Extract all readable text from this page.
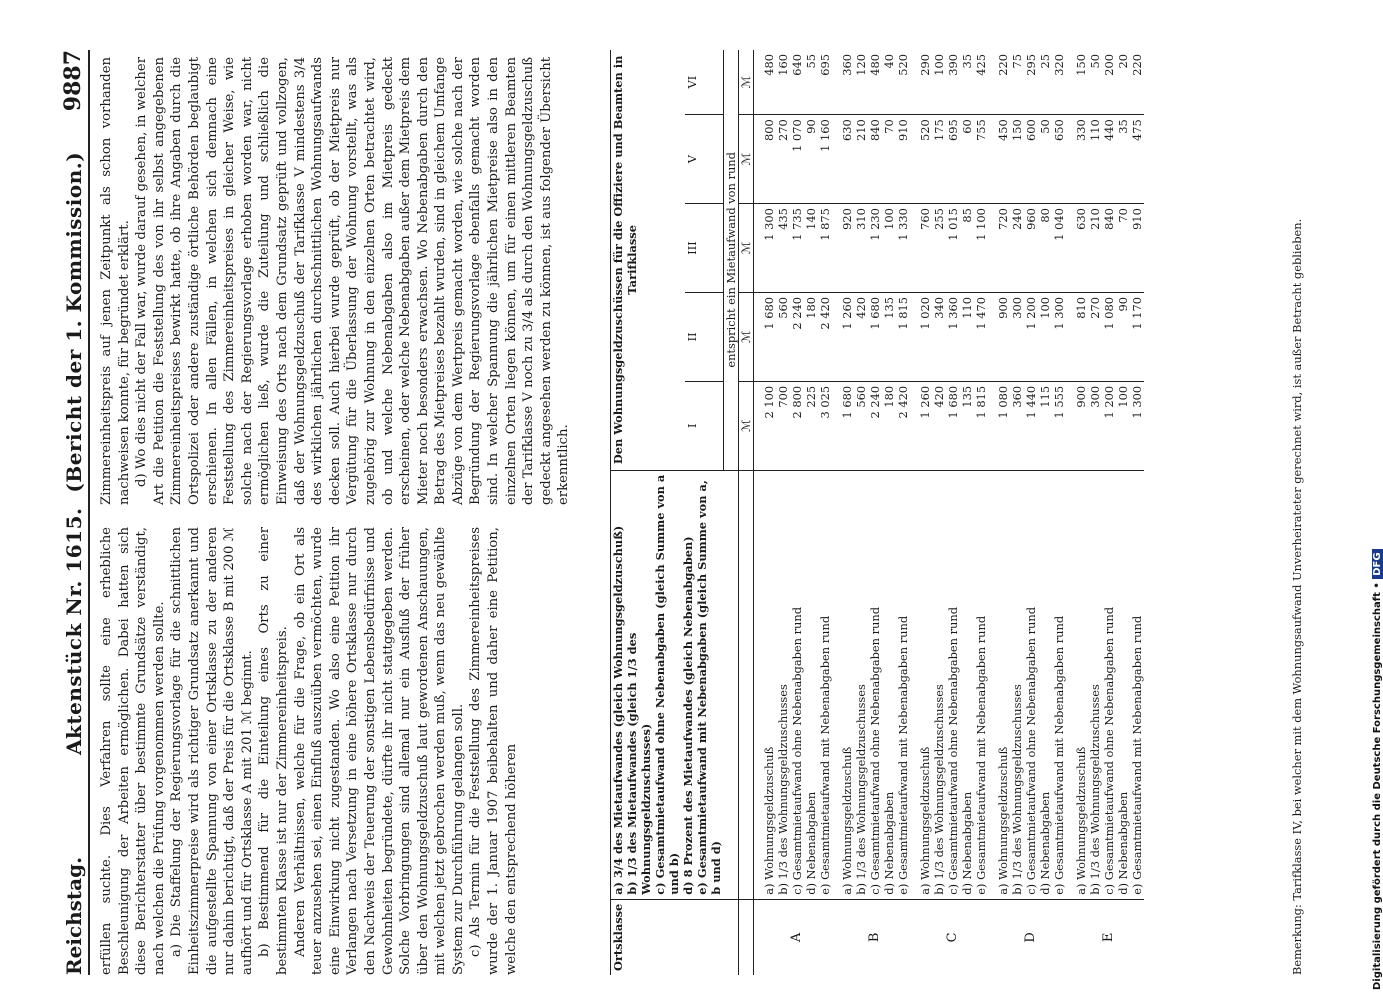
Reichstag.
Aktenstück Nr. 1615.  (Bericht der 1. Kommission.)
9887

erfüllen suchte. Dies Verfahren sollte eine erhebliche Beschleunigung der Arbeiten ermöglichen. Dabei hatten sich diese Berichterstatter über bestimmte Grundsätze verständigt, nach welchen die Prüfung vorgenommen werden sollte. a) Die Staffelung der Regierungsvorlage für die schnittlichen Einheitszimmerpreise wird als richtiger Grundsatz anerkannt und die aufgestellte Spannung von einer Ortsklasse zu der anderen nur dahin berichtigt, daß der Preis für die Ortsklasse B mit 200 ℳ aufhört und für Ortsklasse A mit 201 ℳ beginnt. b) Bestimmend für die Einteilung eines Orts zu einer bestimmten Klasse ist nur der Zimmereinheitspreis. Anderen Verhältnissen, welche für die Frage, ob ein Ort als teuer anzusehen sei, einen Einfluß auszuüben vermöchten, wurde eine Einwirkung nicht zugestanden. Wo also eine Petition ihr Verlangen nach Versetzung in eine höhere Ortsklasse nur durch den Nachweis der Teuerung der sonstigen Lebensbedürfnisse und Gewohnheiten begründete, dürfte ihr nicht stattgegeben werden. Solche Vorbringungen sind allemal nur ein Ausfluß der früher über den Wohnungsgeldzuschuß laut gewordenen Anschauungen, mit welchen jetzt gebrochen werden muß, wenn das neu gewählte System zur Durchführung gelangen soll. c) Als Termin für die Feststellung des Zimmereinheitspreises wurde der 1. Januar 1907 beibehalten und daher eine Petition, welche den entsprechend höheren

Zimmereinheitspreis auf jenen Zeitpunkt als schon vorhanden nachweisen konnte, für begründet erklärt. d) Wo dies nicht der Fall war, wurde darauf gesehen, in welcher Art die Petition die Feststellung des von ihr selbst angegebenen Zimmereinheitspreises bewirkt hatte, ob ihre Angaben durch die Ortspolizei oder andere zuständige örtliche Behörden beglaubigt erschienen. In allen Fällen, in welchen sich demnach eine Feststellung des Zimmereinheitspreises in gleicher Weise, wie solche nach der Regierungsvorlage erhoben worden war, nicht ermöglichen ließ, wurde die Zuteilung und schließlich die Einweisung des Orts nach dem Grundsatz geprüft und vollzogen, daß der Wohnungsgeldzuschuß der Tarifklasse V mindestens 3/4 des wirklichen jährlichen durchschnittlichen Wohnungsaufwands decken soll. Auch hierbei wurde geprüft, ob der Mietpreis nur Vergütung für die Überlassung der Wohnung vorstellt, was als zugehörig zur Wohnung in den einzelnen Orten betrachtet wird, ob und welche Nebenabgaben also im Mietpreis gedeckt erscheinen, oder welche Nebenabgaben außer dem Mietpreis dem Mieter noch besonders erwachsen. Wo Nebenabgaben durch den Betrag des Mietpreises bezahlt wurden, sind in gleichem Umfange Abzüge von dem Wertpreis gemacht worden, wie solche nach der Begründung der Regierungsvorlage ebenfalls gemacht worden sind. In welcher Spannung die jährlichen Mietpreise also in den einzelnen Orten liegen können, um für einen mittleren Beamten der Tarifklasse V noch zu 3/4 als durch den Wohnungsgeldzuschuß gedeckt angesehen werden zu können, ist aus folgender Übersicht erkenntlich.

Ortsklasse	a) 3/4 des Mietaufwandes (gleich Wohnungsgeldzuschuß) b) 1/3 des Mietaufwandes (gleich 1/3 des Wohnungsgeldzuschusses) c) Gesamtmietaufwand ohne Nebenabgaben (gleich Summe von a und b) d) 8 Prozent des Mietaufwandes (gleich Nebenabgaben) e) Gesamtmietaufwand mit Nebenabgaben (gleich Summe von a, b und d)	Den Wohnungsgeldzuschüssen für die Offiziere und Beamten in Tarifklasse				
		I	II	III	V	VI
		entspricht ein Mietaufwand von rund				
		ℳ	ℳ	ℳ	ℳ	ℳ
A	a) Wohnungsgeldzuschuß	2 100	1 680	1 300	800	480
	b) 1/3 des Wohnungsgeldzuschusses	700	560	435	270	160
	c) Gesamtmietaufwand ohne Nebenabgaben rund	2 800	2 240	1 735	1 070	640
	d) Nebenabgaben	225	180	140	90	55
	e) Gesamtmietaufwand mit Nebenabgaben rund	3 025	2 420	1 875	1 160	695
B	a) Wohnungsgeldzuschuß	1 680	1 260	920	630	360
	b) 1/3 des Wohnungsgeldzuschusses	560	420	310	210	120
	c) Gesamtmietaufwand ohne Nebenabgaben rund	2 240	1 680	1 230	840	480
	d) Nebenabgaben	180	135	100	70	40
	e) Gesamtmietaufwand mit Nebenabgaben rund	2 420	1 815	1 330	910	520
C	a) Wohnungsgeldzuschuß	1 260	1 020	760	520	290
	b) 1/3 des Wohnungsgeldzuschusses	420	340	255	175	100
	c) Gesamtmietaufwand ohne Nebenabgaben rund	1 680	1 360	1 015	695	390
	d) Nebenabgaben	135	110	85	60	35
	e) Gesamtmietaufwand mit Nebenabgaben rund	1 815	1 470	1 100	755	425
D	a) Wohnungsgeldzuschuß	1 080	900	720	450	220
	b) 1/3 des Wohnungsgeldzuschusses	360	300	240	150	75
	c) Gesamtmietaufwand ohne Nebenabgaben rund	1 440	1 200	960	600	295
	d) Nebenabgaben	115	100	80	50	25
	e) Gesamtmietaufwand mit Nebenabgaben rund	1 555	1 300	1 040	650	320
E	a) Wohnungsgeldzuschuß	900	810	630	330	150
	b) 1/3 des Wohnungsgeldzuschusses	300	270	210	110	50
	c) Gesamtmietaufwand ohne Nebenabgaben rund	1 200	1 080	840	440	200
	d) Nebenabgaben	100	90	70	35	20
	e) Gesamtmietaufwand mit Nebenabgaben rund	1 300	1 170	910	475	220
Bemerkung: Tarifklasse IV, bei welcher mit dem Wohnungsaufwand Unverheirateter gerechnet wird, ist außer Betracht geblieben.	Digitalisierung gefördert durch die Deutsche Forschungsgemeinschaft • DFG
